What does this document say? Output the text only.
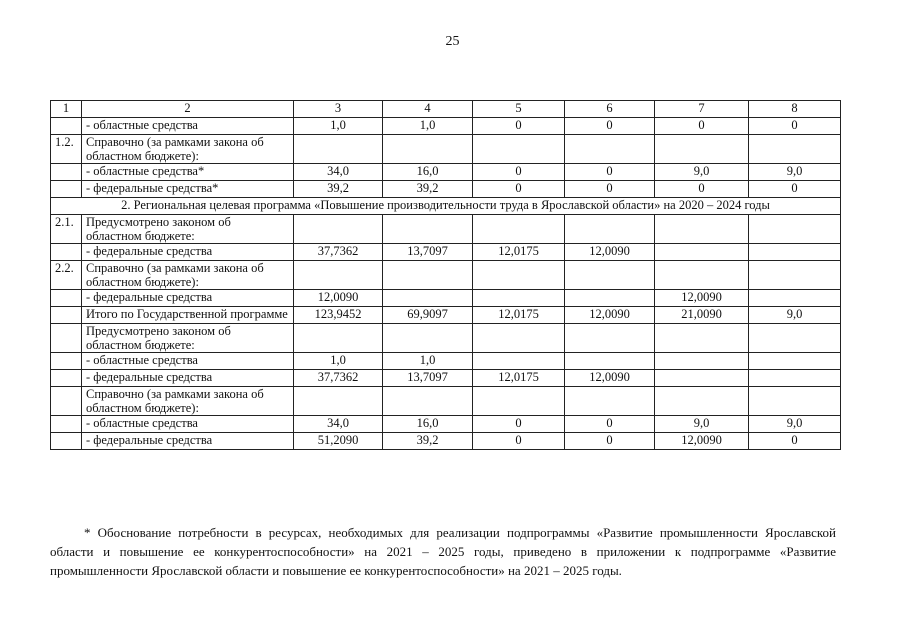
25
1	2	3	4	5	6	7	8
	- областные средства	1,0	1,0	0	0	0	0
1.2.	Справочно (за рамками закона об областном бюджете):						
	- областные средства*	34,0	16,0	0	0	9,0	9,0
	- федеральные средства*	39,2	39,2	0	0	0	0
2. Региональная целевая программа «Повышение производительности труда в Ярославской области» на 2020 – 2024 годы							
2.1.	Предусмотрено законом об областном бюджете:						
	- федеральные средства	37,7362	13,7097	12,0175	12,0090		
2.2.	Справочно (за рамками закона об областном бюджете):						
	- федеральные средства	12,0090				12,0090	
	Итого по Государственной программе	123,9452	69,9097	12,0175	12,0090	21,0090	9,0
	Предусмотрено законом об областном бюджете:						
	- областные средства	1,0	1,0				
	- федеральные средства	37,7362	13,7097	12,0175	12,0090		
	Справочно (за рамками закона об областном бюджете):						
	- областные средства	34,0	16,0	0	0	9,0	9,0
	- федеральные средства	51,2090	39,2	0	0	12,0090	0

* Обоснование потребности в ресурсах, необходимых для реализации подпрограммы «Развитие промышленности Ярославской области и повышение ее конкурентоспособности» на 2021 – 2025 годы, приведено в приложении к подпрограмме «Развитие промышленности Ярославской области и повышение ее конкурентоспособности» на 2021 – 2025 годы.
